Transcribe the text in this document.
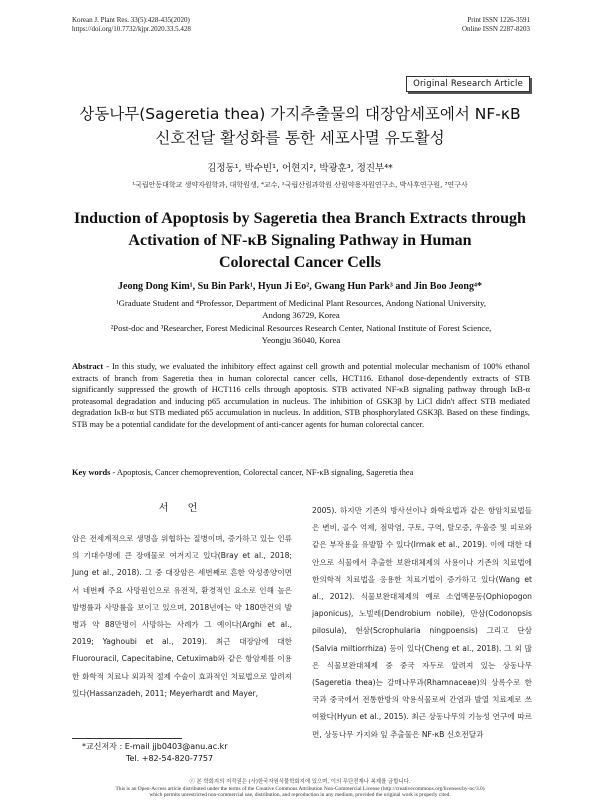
Korean J. Plant Res. 33(5):428-435(2020)
https://doi.org/10.7732/kjpr.2020.33.5.428
Print ISSN 1226-3591
Online ISSN 2287-8203
Original Research Article
상동나무(Sageretia thea) 가지추출물의 대장암세포에서 NF-κB
신호전달 활성화를 통한 세포사멸 유도활성
김정동¹, 박수빈¹, 어현지², 박광훈³, 정진부⁴*
¹국립안동대학교 생약자원학과, 대학원생, ⁴교수, ²국립산림과학원 산림약용자원연구소, 박사후연구원, ³연구사
Induction of Apoptosis by Sageretia thea Branch Extracts through
Activation of NF-κB Signaling Pathway in Human
Colorectal Cancer Cells
Jeong Dong Kim¹, Su Bin Park¹, Hyun Ji Eo², Gwang Hun Park³ and Jin Boo Jeong⁴*
¹Graduate Student and ⁴Professor, Department of Medicinal Plant Resources, Andong National University,
Andong 36729, Korea
²Post-doc and ³Researcher, Forest Medicinal Resources Research Center, National Institute of Forest Science,
Yeongju 36040, Korea
Abstract - In this study, we evaluated the inhibitory effect against cell growth and potential molecular mechanism of 100% ethanol extracts of branch from Sageretia thea in human colorectal cancer cells, HCT116. Ethanol dose-dependently extracts of STB significantly suppressed the growth of HCT116 cells through apoptosis. STB activated NF-κB signaling pathway through IκB-α proteasomal degradation and inducing p65 accumulation in nucleus. The inhibition of GSK3β by LiCl didn't affect STB mediated degradation IκB-α but STB mediated p65 accumulation in nucleus. In addition, STB phosphorylated GSK3β. Based on these findings, STB may be a potential candidate for the development of anti-cancer agents for human colorectal cancer.
Key words - Apoptosis, Cancer chemoprevention, Colorectal cancer, NF-κB signaling, Sageretia thea
서 언
암은 전세계적으로 생명을 위협하는 질병이며, 증가하고 있는 인류의 기대수명에 큰 장애물로 여겨지고 있다(Bray et al., 2018; Jung et al., 2018). 그 중 대장암은 세번째로 흔한 악성종양이면서 네번째 주요 사망원인으로 유전적, 환경적인 요소로 인해 높은 발병률과 사망률을 보이고 있으며, 2018년에는 약 180만건의 발병과 약 88만명이 사망하는 사례가 그 예이다(Arghi et al., 2019; Yaghoubi et al., 2019). 최근 대장암에 대한 Fluorouracil, Capecitabine, Cetuximab와 같은 항암제를 이용한 화학적 치료나 외과적 절제 수술이 효과적인 치료법으로 알려져 있다(Hassanzadeh, 2011; Meyerhardt and Mayer,
2005). 하지만 기존의 방사선이나 화학요법과 같은 항암치료법들은 변비, 골수 억제, 점막염, 구토, 구역, 탈모증, 우울증 및 피로와 같은 부작용을 유발할 수 있다(Irmak et al., 2019). 이에 대한 대안으로 식물에서 추출한 보완대체제의 사용이나 기존의 치료법에 한의학적 치료법을 응용한 치료기법이 증가하고 있다(Wang et al., 2012). 식물보완대체제의 예로 소엽맥문동(Ophiopogon japonicus), 노빌레(Dendrobium nobile), 만삼(Codonopsis pilosula), 현삼(Scrophularia ningpoensis) 그리고 단삼(Salvia miltiorrhiza) 등이 있다(Cheng et al., 2018). 그 외 많은 식물보완대체제 중 중국 자두로 알려져 있는 상동나무(Sageretia thea)는 갈매나무과(Rhamnaceae)의 상록수로 한국과 중국에서 전통한방의 약용식물로써 간염과 발열 치료제로 쓰여왔다(Hyun et al., 2015). 최근 상동나무의 기능성 연구에 따르면, 상동나무 가지와 잎 추출물은 NF-κB 신호전달과
*교신저자 : E-mail jjb0403@anu.ac.kr
Tel. +82-54-820-7757
ⓒ 본 학회지의 저작권은 (사)한국자원식물학회지에 있으며, 이의 무단전재나 복제를 금합니다.
This is an Open-Access article distributed under the terms of the Creative Commons Attribution Non-Commercial License (http://creativecommons.org/licenses/by-nc/3.0)
which permits unrestricted non-commercial use, distribution, and reproduction in any medium, provided the original work is properly cited.
